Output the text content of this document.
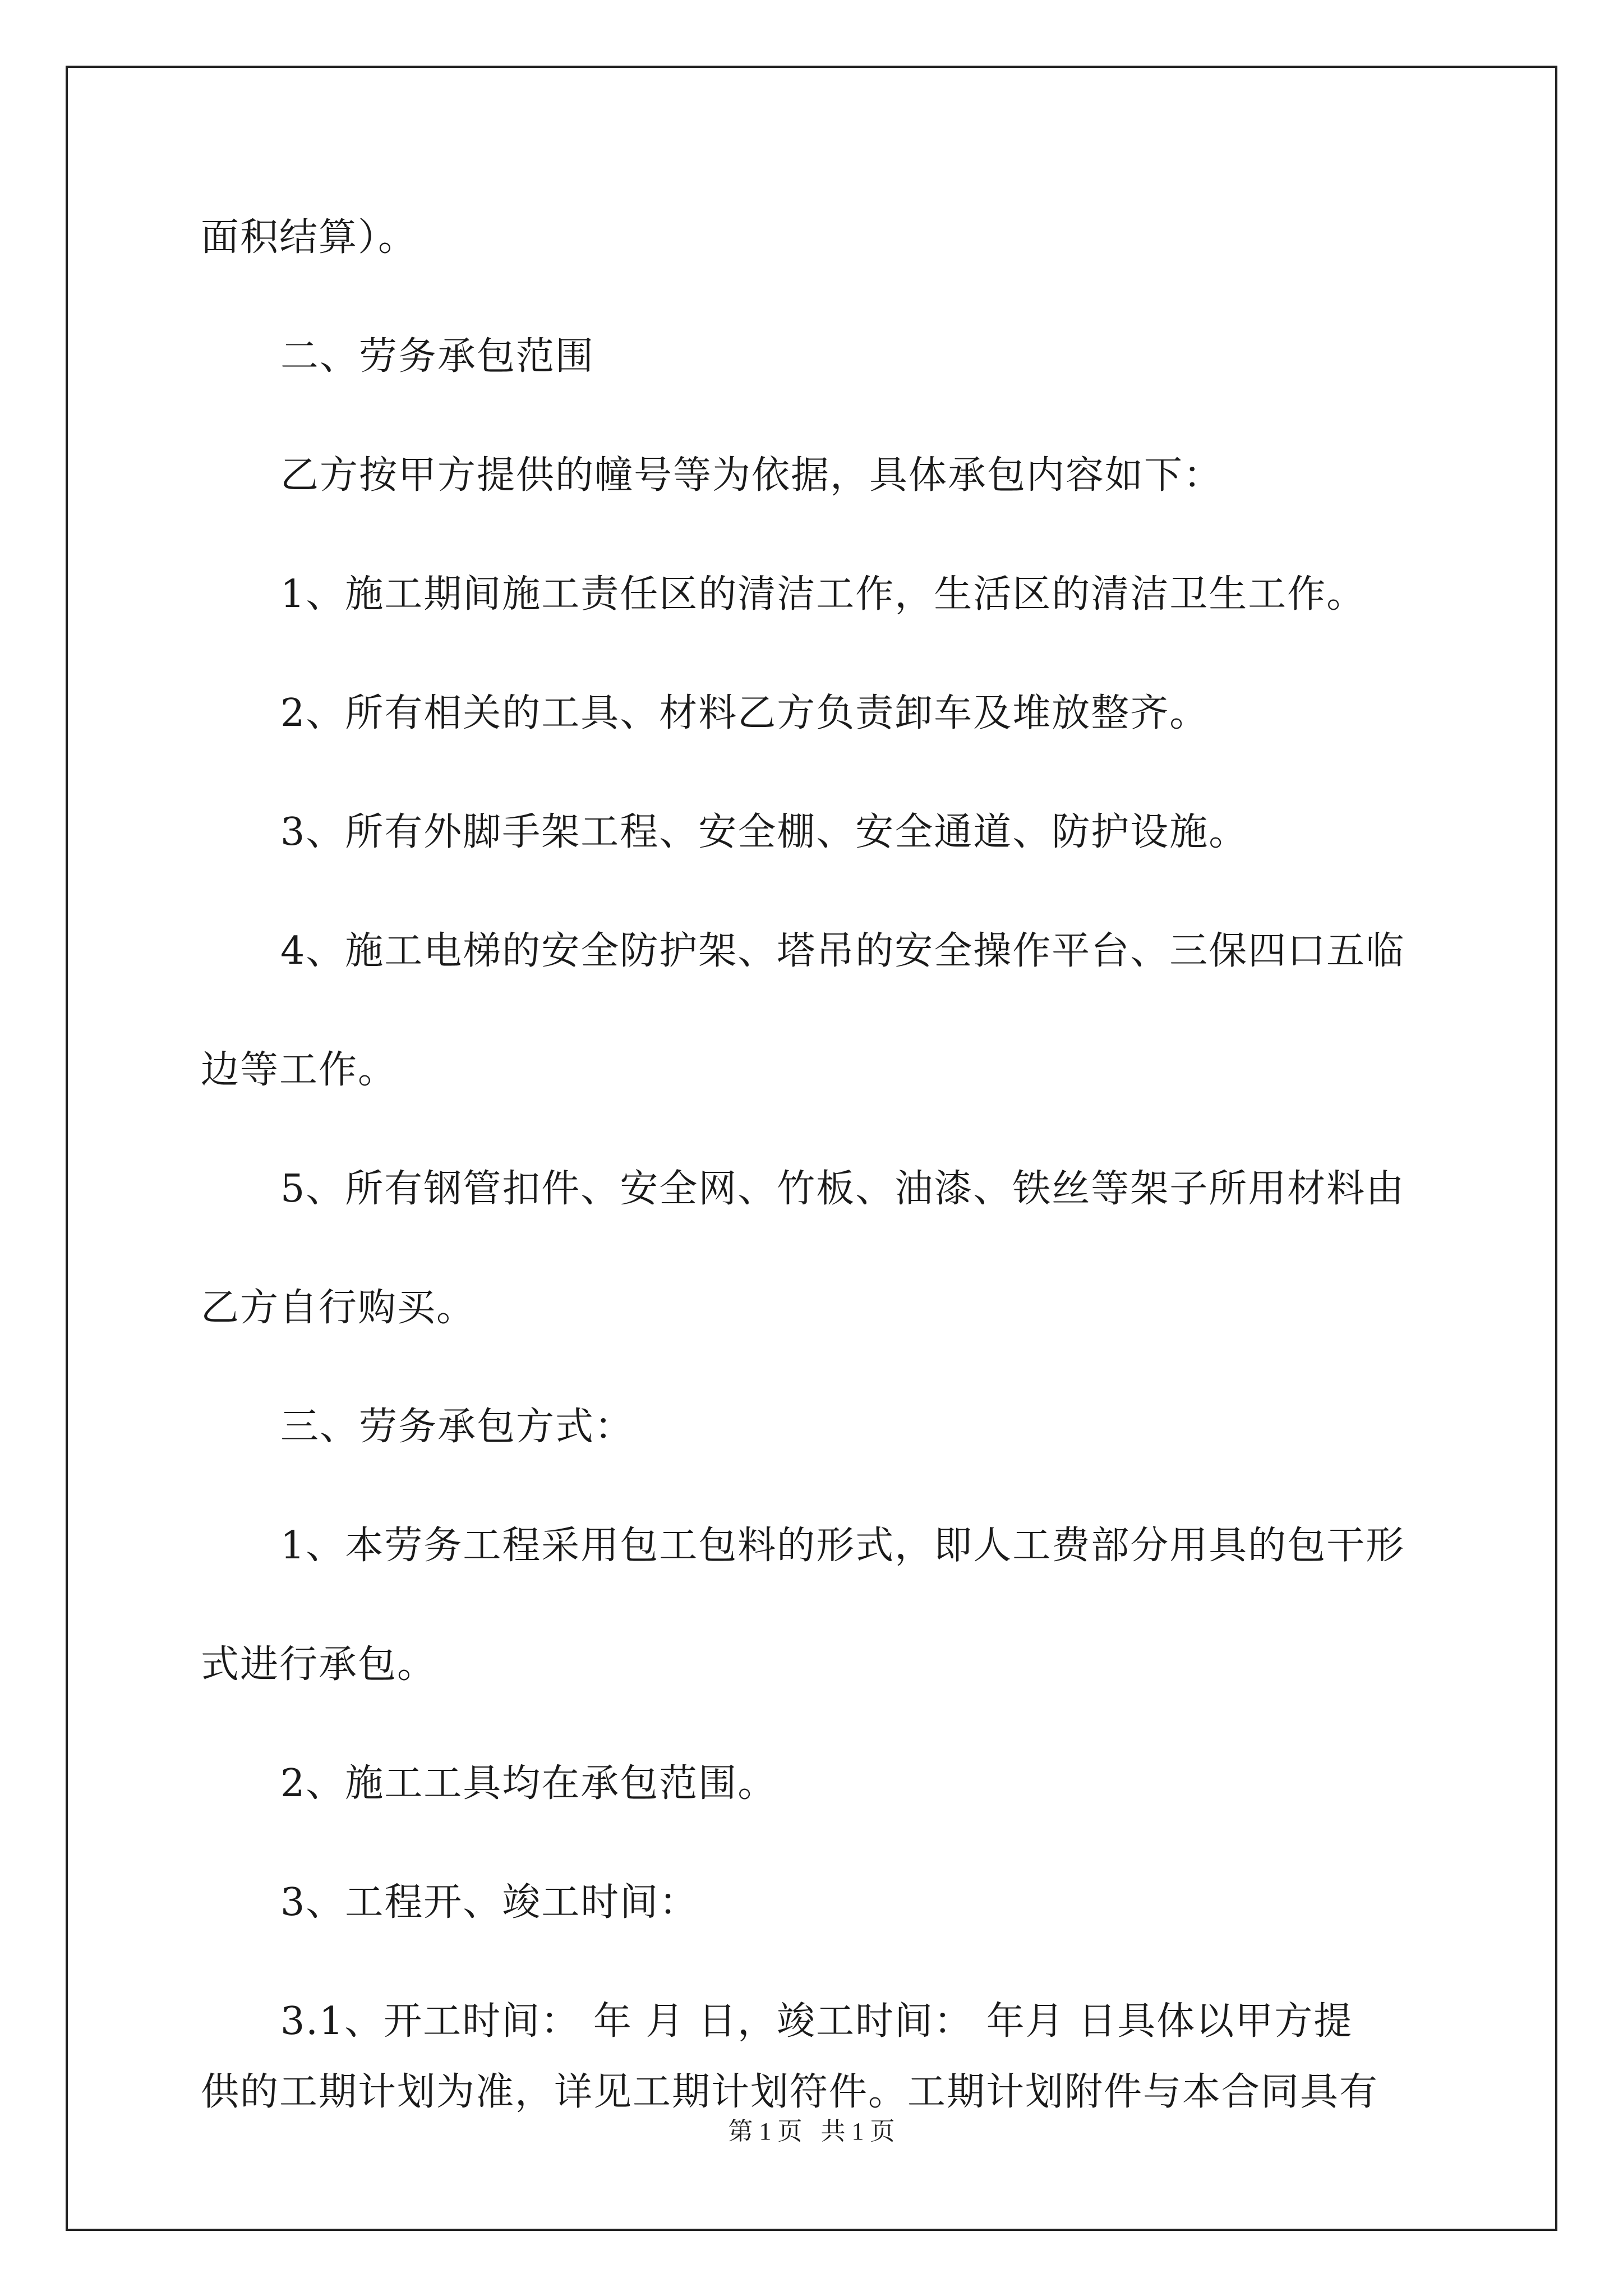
面积结算）。
二、劳务承包范围
乙方按甲方提供的幢号等为依据，具体承包内容如下：
1、施工期间施工责任区的清洁工作，生活区的清洁卫生工作。
2、所有相关的工具、材料乙方负责卸车及堆放整齐。
3、所有外脚手架工程、安全棚、安全通道、防护设施。
4、施工电梯的安全防护架、塔吊的安全操作平台、三保四口五临
边等工作。
5、所有钢管扣件、安全网、竹板、油漆、铁丝等架子所用材料由
乙方自行购买。
三、劳务承包方式：
1、本劳务工程采用包工包料的形式，即人工费部分用具的包干形
式进行承包。
2、施工工具均在承包范围。
3、工程开、竣工时间：
3.1、开工时间： 年 月 日，竣工时间： 年月 日具体以甲方提
供的工期计划为准，详见工期计划符件。工期计划附件与本合同具有
第 1 页   共 1 页
